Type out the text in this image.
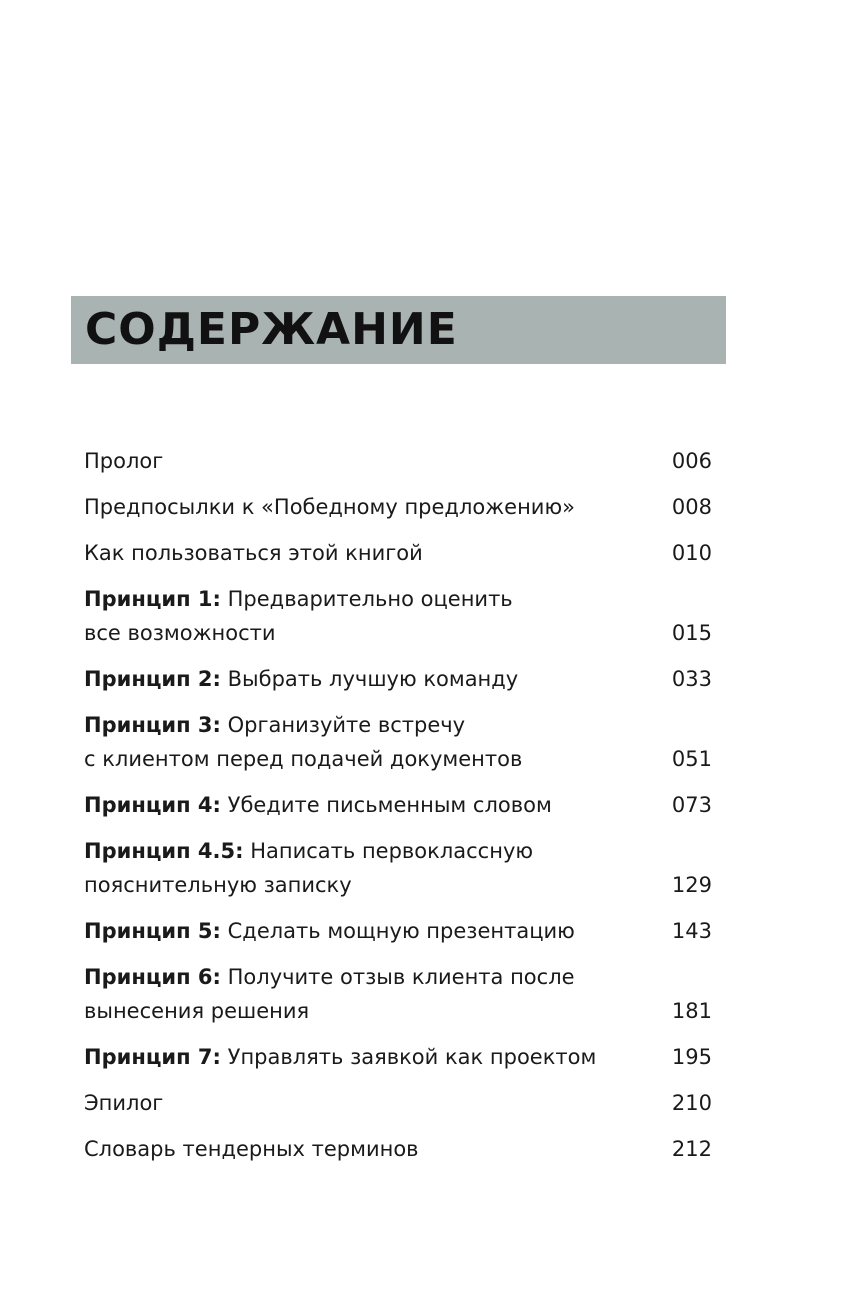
СОДЕРЖАНИЕ
Пролог	006
Предпосылки к «Победному предложению»	008
Как пользоваться этой книгой	010
Принцип 1: Предварительно оценить
все возможности	015
Принцип 2: Выбрать лучшую команду	033
Принцип 3: Организуйте встречу
с клиентом перед подачей документов	051
Принцип 4: Убедите письменным словом	073
Принцип 4.5: Написать первоклассную
пояснительную записку	129
Принцип 5: Сделать мощную презентацию	143
Принцип 6: Получите отзыв клиента после
вынесения решения	181
Принцип 7: Управлять заявкой как проектом	195
Эпилог	210
Словарь тендерных терминов	212
